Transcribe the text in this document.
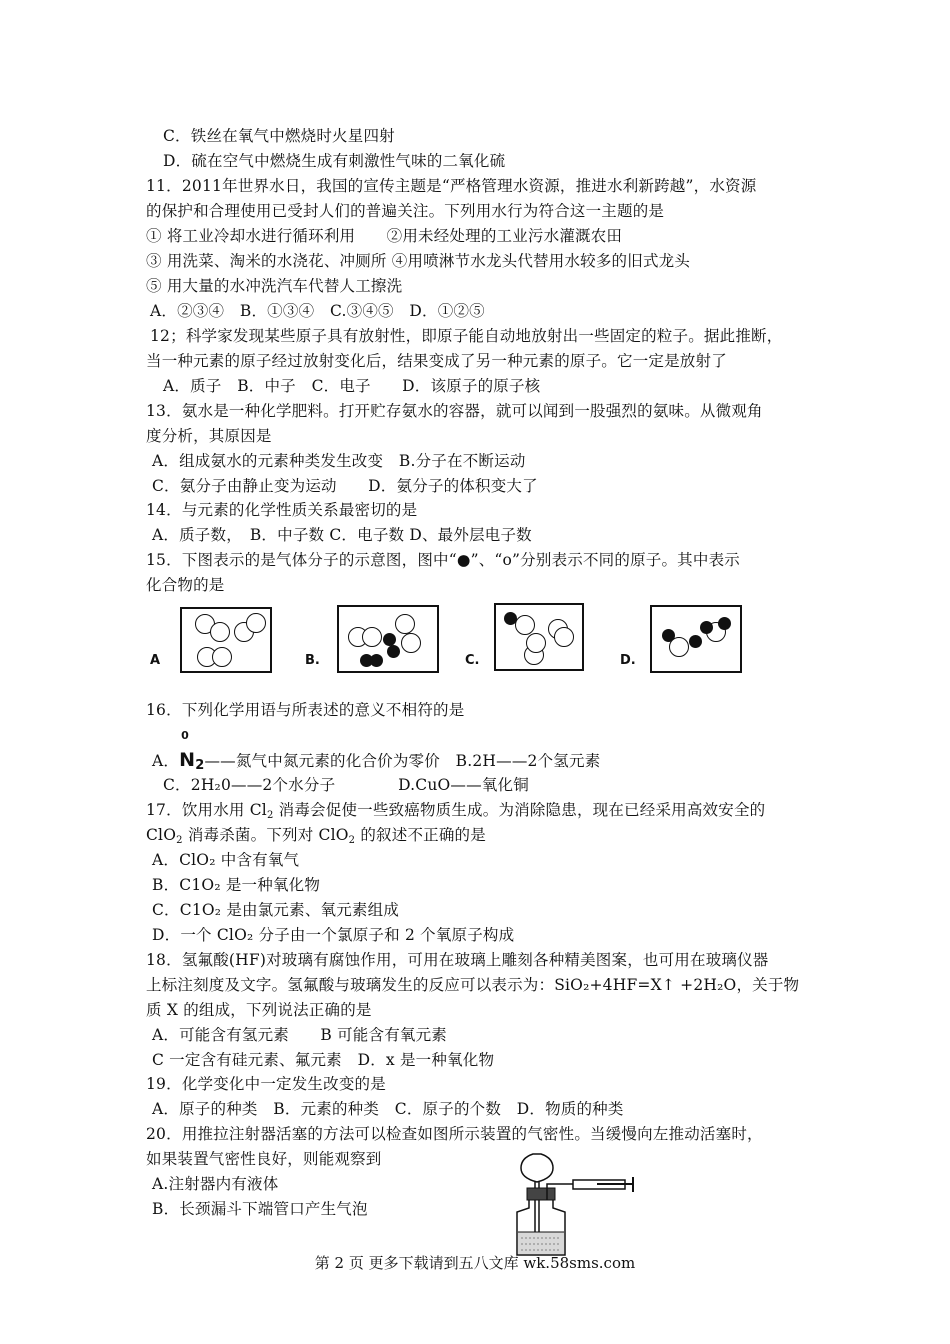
C．铁丝在氧气中燃烧时火星四射
D．硫在空气中燃烧生成有刺激性气味的二氧化硫
11．2011年世界水日，我国的宣传主题是“严格管理水资源，推进水利新跨越”，水资源
的保护和合理使用已受封人们的普遍关注。下列用水行为符合这一主题的是
① 将工业冷却水进行循环利用　　②用未经处理的工业污水灌溉农田
③ 用洗菜、淘米的水浇花、冲厕所 ④用喷淋节水龙头代替用水较多的旧式龙头
⑤ 用大量的水冲洗汽车代替人工擦洗
A．②③④　B．①③④　C.③④⑤　D．①②⑤
12；科学家发现某些原子具有放射性，即原子能自动地放射出一些固定的粒子。据此推断，
当一种元素的原子经过放射变化后，结果变成了另一种元素的原子。它一定是放射了
A．质子　B．中子　C．电子　　D．该原子的原子核
13．氨水是一种化学肥料。打开贮存氨水的容器，就可以闻到一股强烈的氨味。从微观角
度分析，其原因是
A．组成氨水的元素种类发生改变　B.分子在不断运动
C．氨分子由静止变为运动　　D．氨分子的体积变大了
14．与元素的化学性质关系最密切的是
A．质子数，　B．中子数 C．电子数 D、最外层电子数
15．下图表示的是气体分子的示意图，图中“●”、“o”分别表示不同的原子。其中表示
化合物的是
A	B.	C.	D.
16．下列化学用语与所表述的意义不相符的是
A．
0
$N_2——$氮气中氮元素的化合价为零价　B.2H——2个氢元素
C．2H₂0——2个水分子　　　　D.CuO——氧化铜
17．饮用水用 $Cl_2$ 消毒会促使一些致癌物质生成。为消除隐患，现在已经采用高效安全的
ClO$_2$ 消毒杀菌。下列对 ClO$_2$ 的叙述不正确的是
A．ClO₂ 中含有氧气
B．C1O₂ 是一种氧化物
C．C1O₂ 是由氯元素、氧元素组成
D．一个 ClO₂ 分子由一个氯原子和 2 个氧原子构成
18．氢氟酸(HF)对玻璃有腐蚀作用，可用在玻璃上雕刻各种精美图案，也可用在玻璃仪器
上标注刻度及文字。氢氟酸与玻璃发生的反应可以表示为：SiO₂+4HF=X↑ +2H₂O，关于物
质 X 的组成，下列说法正确的是
A．可能含有氢元素　　B 可能含有氧元素
C 一定含有硅元素、氟元素　D．x 是一种氧化物
19．化学变化中一定发生改变的是
A．原子的种类　B．元素的种类　C．原子的个数　D．物质的种类
20．用推拉注射器活塞的方法可以检查如图所示装置的气密性。当缓慢向左推动活塞时，
如果装置气密性良好，则能观察到
A.注射器内有液体
B．长颈漏斗下端管口产生气泡
第 2 页 更多下载请到五八文库 wk.58sms.com
